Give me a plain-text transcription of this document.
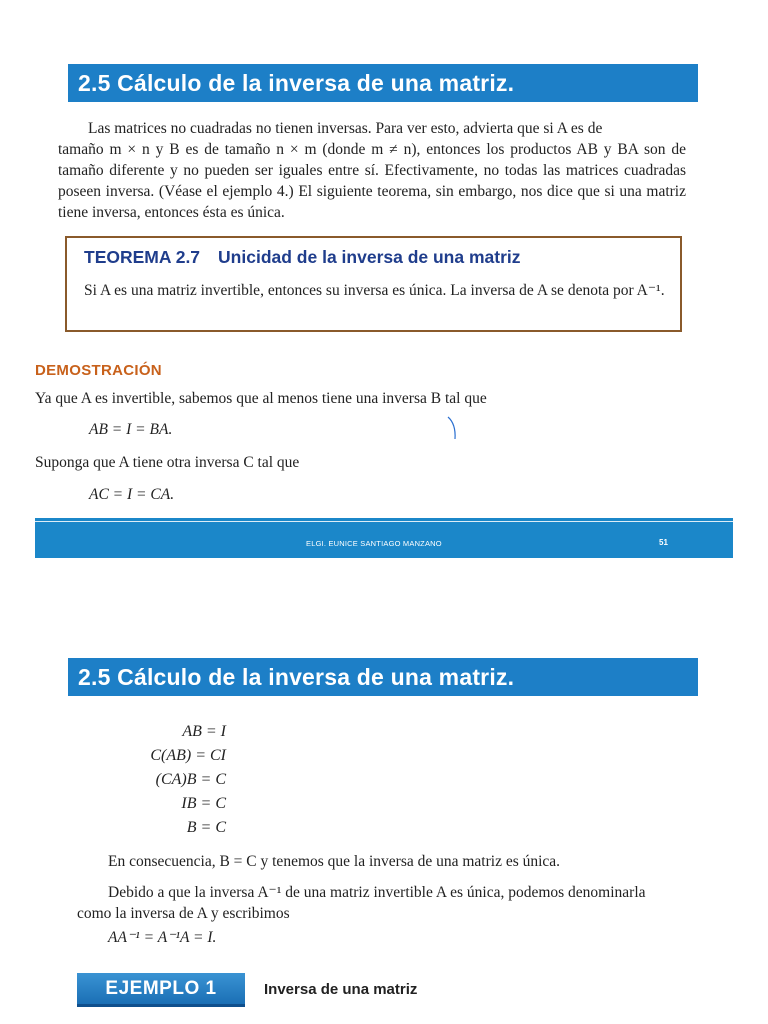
2.5 Cálculo de la inversa de una matriz.
Las matrices no cuadradas no tienen inversas. Para ver esto, advierta que si A es de
tamaño m × n y B es de tamaño n × m (donde m ≠ n), entonces los productos AB y BA son de tamaño diferente y no pueden ser iguales entre sí. Efectivamente, no todas las matrices cuadradas poseen inversa. (Véase el ejemplo 4.) El siguiente teorema, sin embargo, nos dice que si una matriz tiene inversa, entonces ésta es única.
TEOREMA 2.7 Unicidad de la inversa de una matriz
Si A es una matriz invertible, entonces su inversa es única. La inversa de A se denota por A⁻¹.
DEMOSTRACIÓN
Ya que A es invertible, sabemos que al menos tiene una inversa B tal que
AB = I = BA.
Suponga que A tiene otra inversa C tal que
AC = I = CA.
ELGI. EUNICE SANTIAGO MANZANO	51
2.5 Cálculo de la inversa de una matriz.
AB = I
C(AB) = CI
(CA)B = C
IB = C
B = C
En consecuencia, B = C y tenemos que la inversa de una matriz es única.
Debido a que la inversa A⁻¹ de una matriz invertible A es única, podemos denominarla
como la inversa de A y escribimos
AA⁻¹ = A⁻¹A = I.
EJEMPLO 1	Inversa de una matriz
